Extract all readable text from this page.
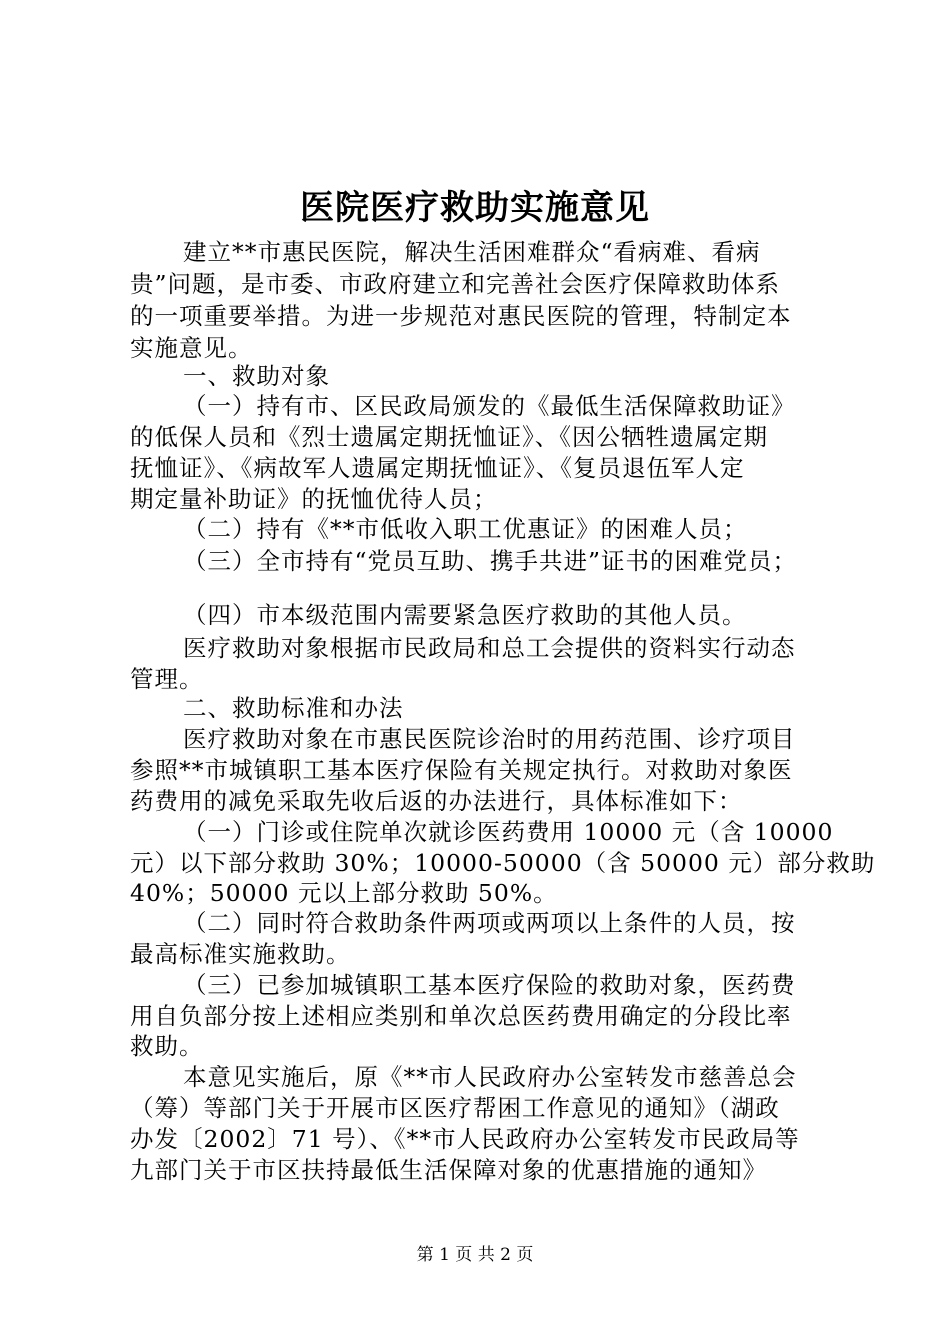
医院医疗救助实施意见
建立**市惠民医院，解决生活困难群众“看病难、看病
贵”问题，是市委、市政府建立和完善社会医疗保障救助体系
的一项重要举措。为进一步规范对惠民医院的管理，特制定本
实施意见。
一、救助对象
（一）持有市、区民政局颁发的《最低生活保障救助证》
的低保人员和《烈士遗属定期抚恤证》、《因公牺牲遗属定期
抚恤证》、《病故军人遗属定期抚恤证》、《复员退伍军人定
期定量补助证》的抚恤优待人员；
（二）持有《**市低收入职工优惠证》的困难人员；
（三）全市持有“党员互助、携手共进”证书的困难党员；
（四）市本级范围内需要紧急医疗救助的其他人员。
医疗救助对象根据市民政局和总工会提供的资料实行动态
管理。
二、救助标准和办法
医疗救助对象在市惠民医院诊治时的用药范围、诊疗项目
参照**市城镇职工基本医疗保险有关规定执行。对救助对象医
药费用的减免采取先收后返的办法进行，具体标准如下：
（一）门诊或住院单次就诊医药费用 10000 元（含 10000
元）以下部分救助 30%；10000-50000（含 50000 元）部分救助
40%；50000 元以上部分救助 50%。
（二）同时符合救助条件两项或两项以上条件的人员，按
最高标准实施救助。
（三）已参加城镇职工基本医疗保险的救助对象，医药费
用自负部分按上述相应类别和单次总医药费用确定的分段比率
救助。
本意见实施后，原《**市人民政府办公室转发市慈善总会
（筹）等部门关于开展市区医疗帮困工作意见的通知》（湖政
办发〔2002〕71 号）、《**市人民政府办公室转发市民政局等
九部门关于市区扶持最低生活保障对象的优惠措施的通知》
第 1 页 共 2 页
